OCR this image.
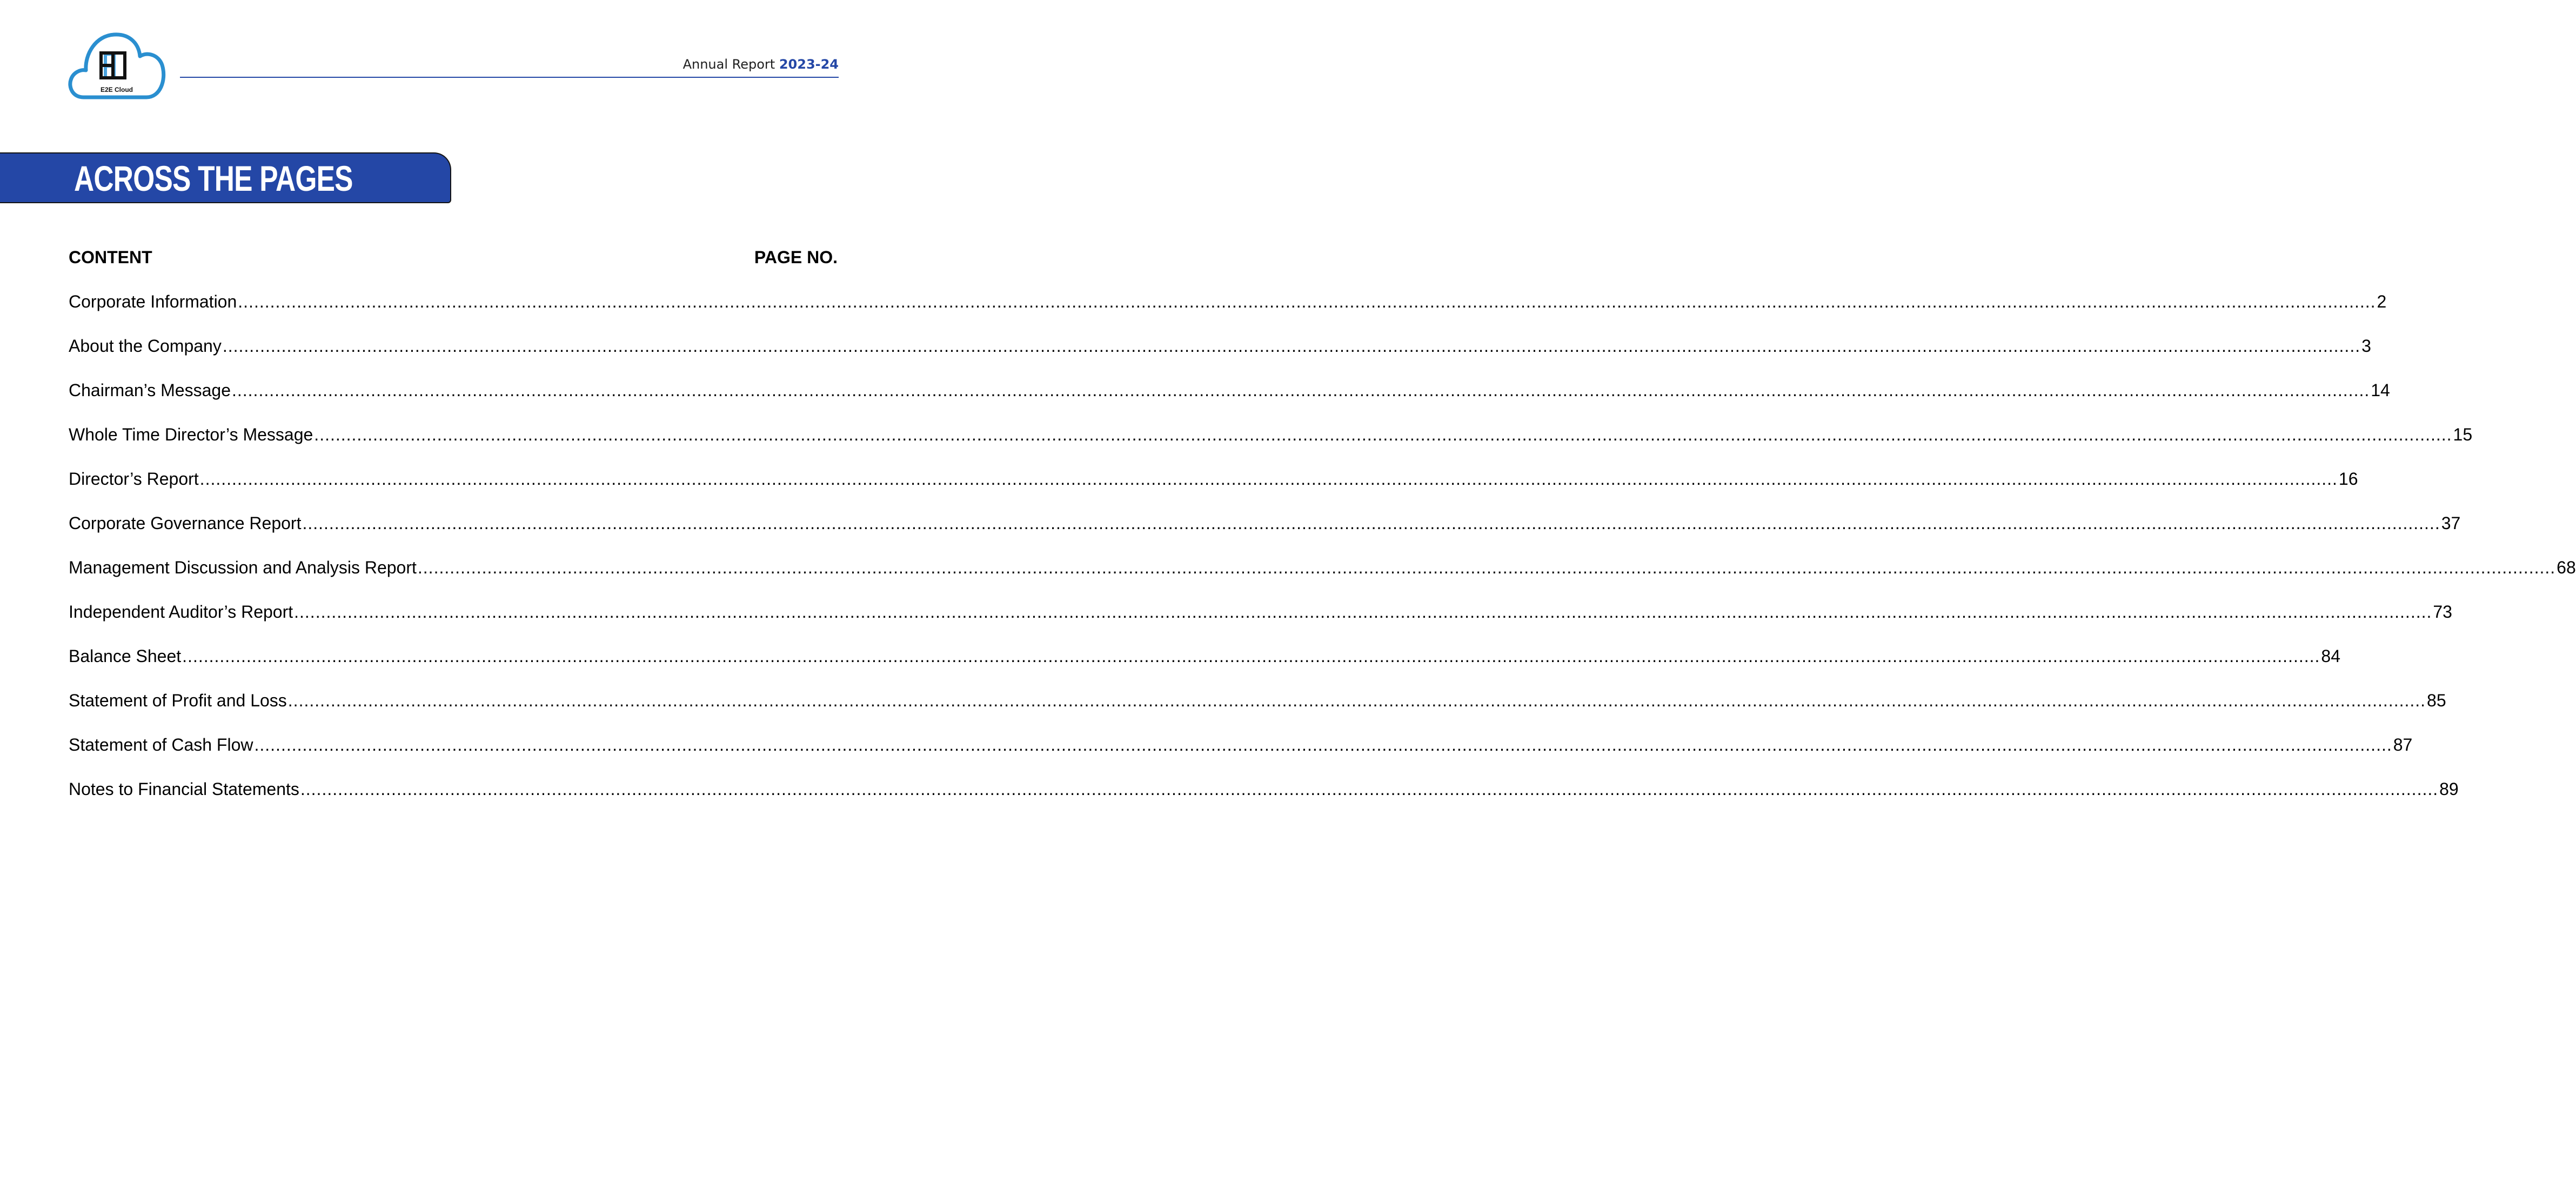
E2E Cloud
Annual Report 2023-24
ACROSS THE PAGES
CONTENT	PAGE NO.
Corporate Information ................................................................................................................................................................................................................................................................................................................................................................................................................ 2
About the Company ................................................................................................................................................................................................................................................................................................................................................................................................................ 3
Chairman’s Message ................................................................................................................................................................................................................................................................................................................................................................................................................ 14
Whole Time Director’s Message ................................................................................................................................................................................................................................................................................................................................................................................................................ 15
Director’s Report ................................................................................................................................................................................................................................................................................................................................................................................................................ 16
Corporate Governance Report ................................................................................................................................................................................................................................................................................................................................................................................................................ 37
Management Discussion and Analysis Report ................................................................................................................................................................................................................................................................................................................................................................................................................ 68
Independent Auditor’s Report ................................................................................................................................................................................................................................................................................................................................................................................................................ 73
Balance Sheet ................................................................................................................................................................................................................................................................................................................................................................................................................ 84
Statement of Profit and Loss ................................................................................................................................................................................................................................................................................................................................................................................................................ 85
Statement of Cash Flow ................................................................................................................................................................................................................................................................................................................................................................................................................ 87
Notes to Financial Statements ................................................................................................................................................................................................................................................................................................................................................................................................................ 89
